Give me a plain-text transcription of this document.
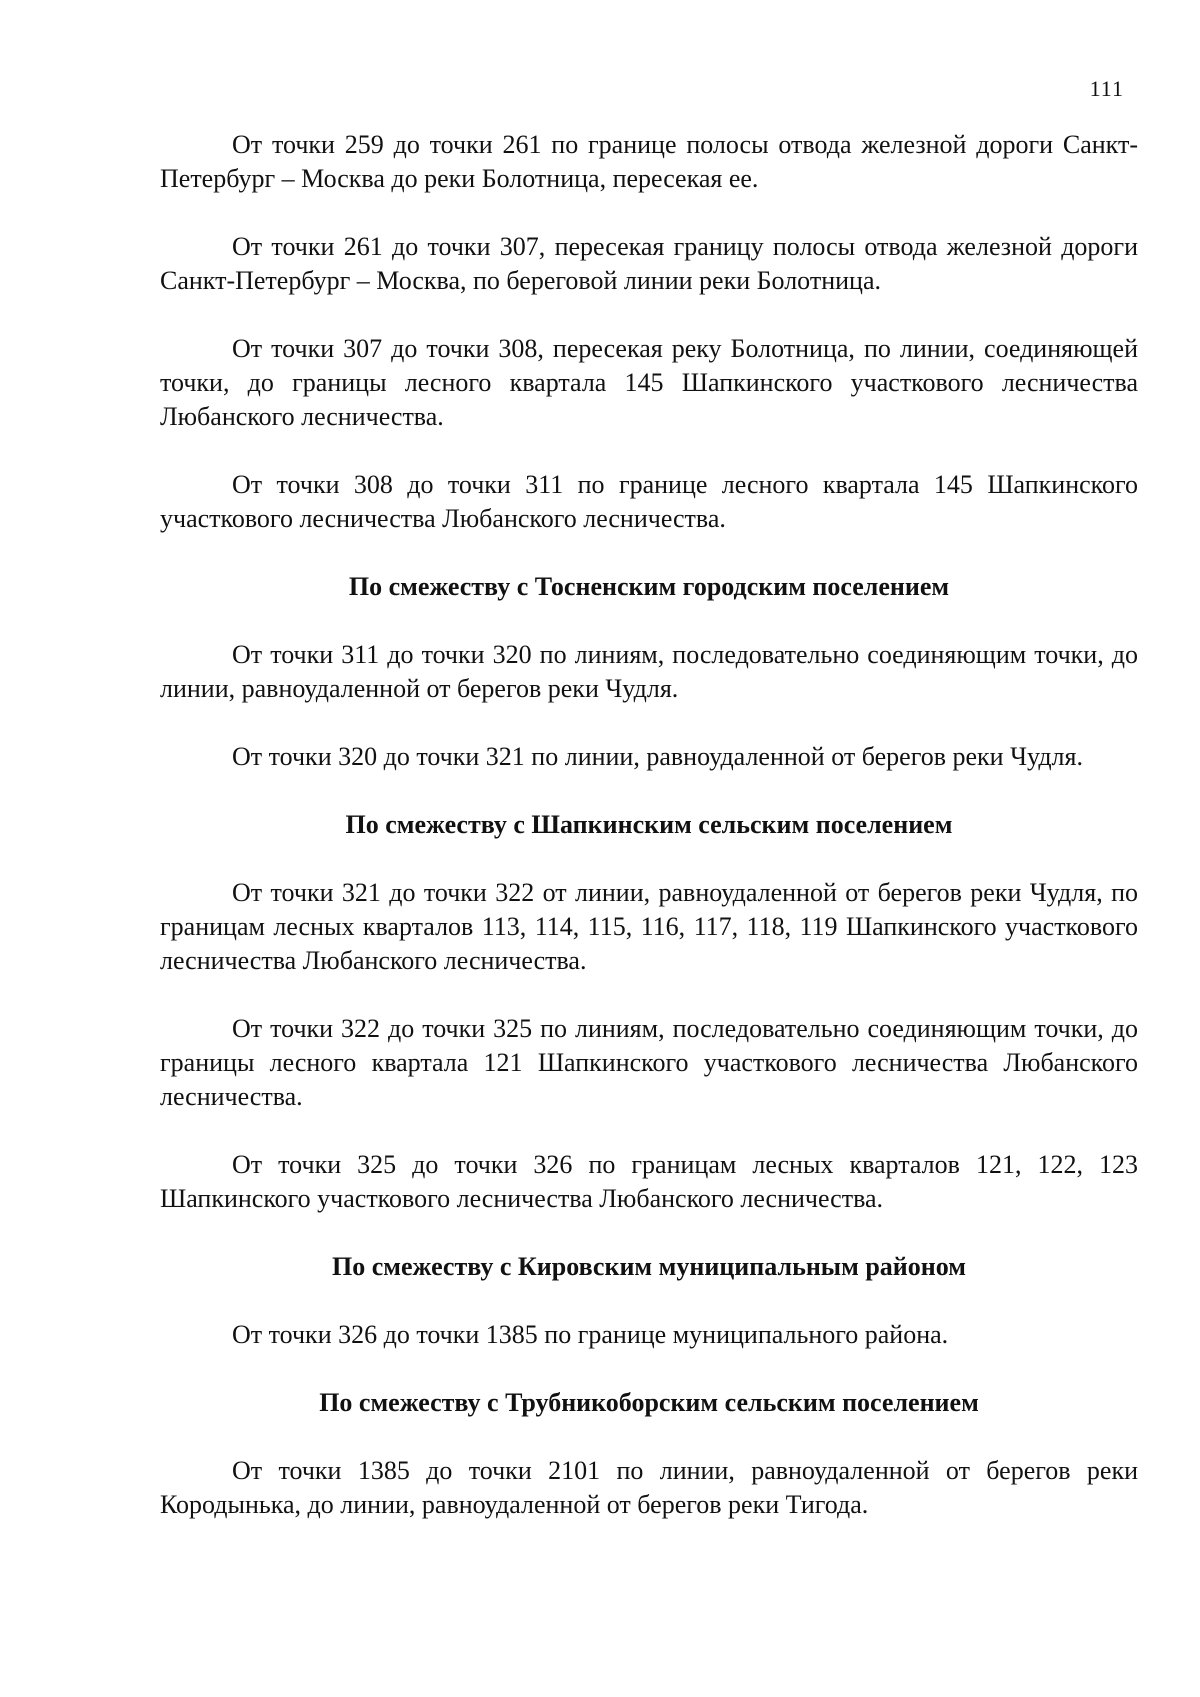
111

От точки 259 до точки 261 по границе полосы отвода железной дороги Санкт-Петербург – Москва до реки Болотница, пересекая ее.

От точки 261 до точки 307, пересекая границу полосы отвода железной дороги Санкт-Петербург – Москва, по береговой линии реки Болотница.

От точки 307 до точки 308, пересекая реку Болотница, по линии, соединяющей точки, до границы лесного квартала 145 Шапкинского участкового лесничества Любанского лесничества.

От точки 308 до точки 311 по границе лесного квартала 145 Шапкинского участкового лесничества Любанского лесничества.

По смежеству с Тосненским городским поселением

От точки 311 до точки 320 по линиям, последовательно соединяющим точки, до линии, равноудаленной от берегов реки Чудля.

От точки 320 до точки 321 по линии, равноудаленной от берегов реки Чудля.

По смежеству с Шапкинским сельским поселением

От точки 321 до точки 322 от линии, равноудаленной от берегов реки Чудля, по границам лесных кварталов 113, 114, 115, 116, 117, 118, 119 Шапкинского участкового лесничества Любанского лесничества.

От точки 322 до точки 325 по линиям, последовательно соединяющим точки, до границы лесного квартала 121 Шапкинского участкового лесничества Любанского лесничества.

От точки 325 до точки 326 по границам лесных кварталов 121, 122, 123 Шапкинского участкового лесничества Любанского лесничества.

По смежеству с Кировским муниципальным районом

От точки 326 до точки 1385 по границе муниципального района.

По смежеству с Трубникоборским сельским поселением

От точки 1385 до точки 2101 по линии, равноудаленной от берегов реки Кородынька, до линии, равноудаленной от берегов реки Тигода.
